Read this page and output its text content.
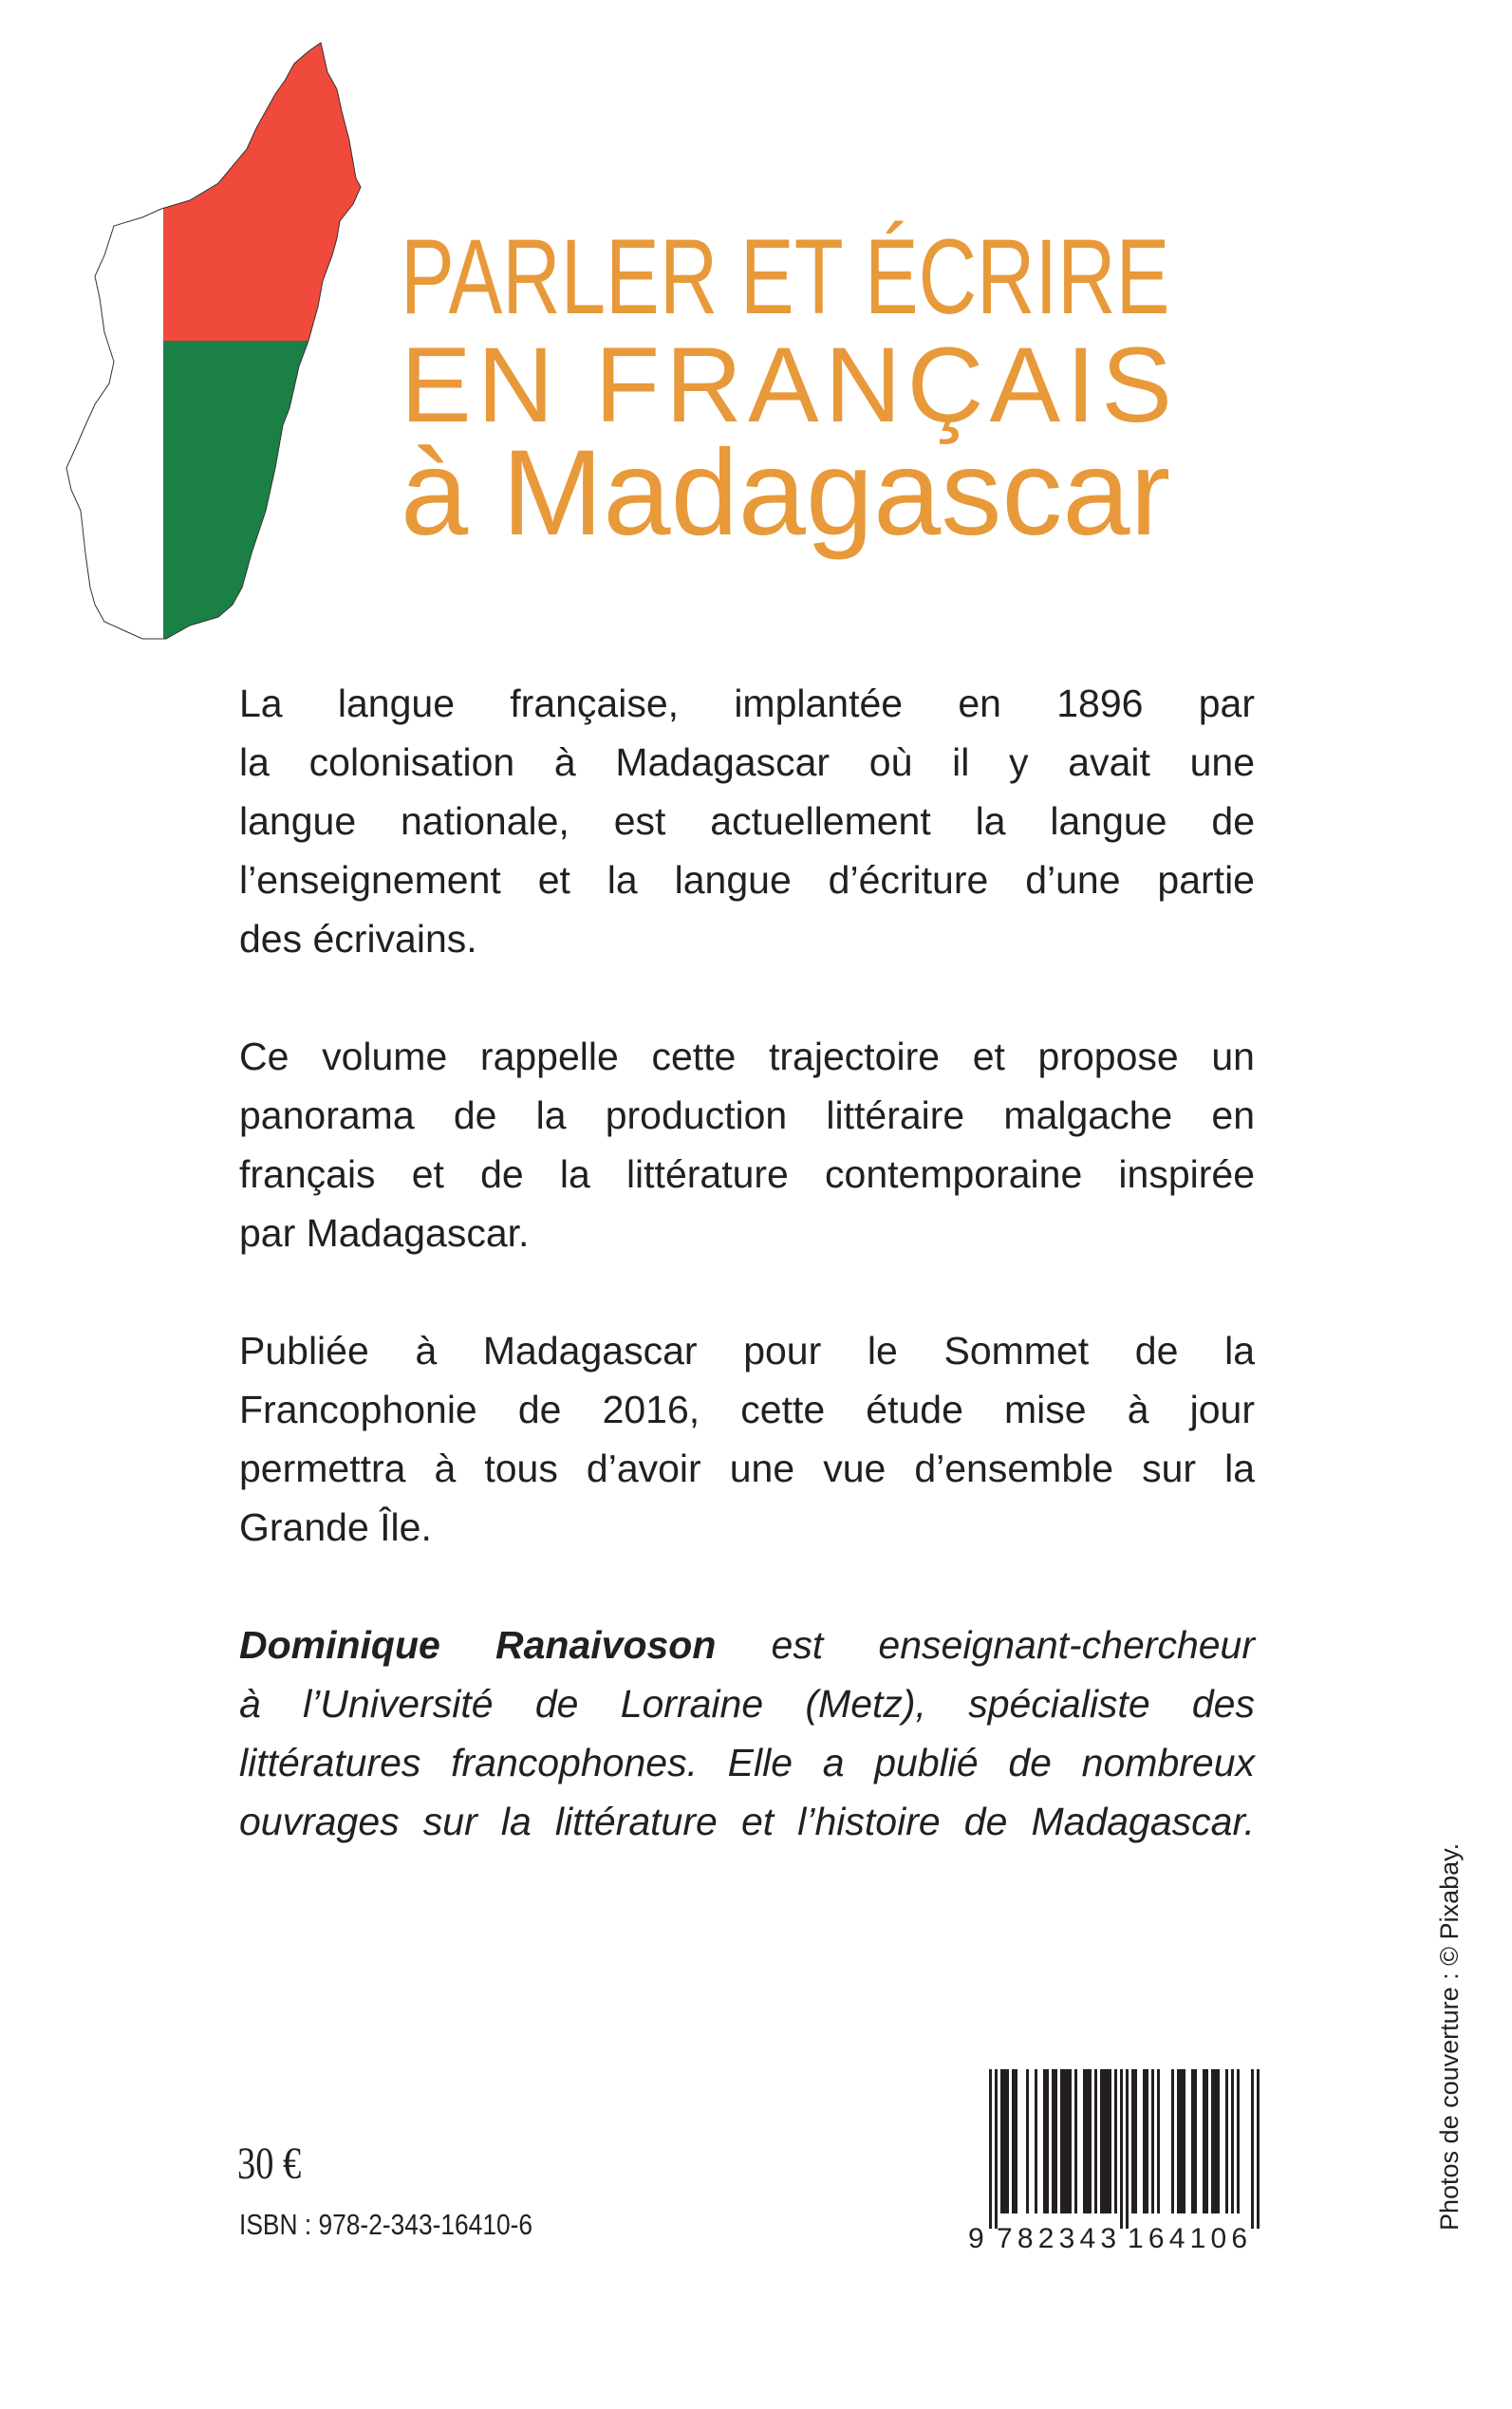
PARLER ET ÉCRIRE
EN FRANÇAIS
à Madagascar
La langue française, implantée en 1896 par
la colonisation à Madagascar où il y avait une
langue nationale, est actuellement la langue de
l’enseignement et la langue d’écriture d’une partie
des écrivains.
Ce volume rappelle cette trajectoire et propose un
panorama de la production littéraire malgache en
français et de la littérature contemporaine inspirée
par Madagascar.
Publiée à Madagascar pour le Sommet de la
Francophonie de 2016, cette étude mise à jour
permettra à tous d’avoir une vue d’ensemble sur la
Grande Île.
Dominique Ranaivoson est enseignant-chercheur
à l’Université de Lorraine (Metz), spécialiste des
littératures francophones. Elle a publié de nombreux
ouvrages sur la littérature et l’histoire de Madagascar.
30 €
ISBN : 978-2-343-16410-6	9 782343 164106
Photos de couverture : © Pixabay.
